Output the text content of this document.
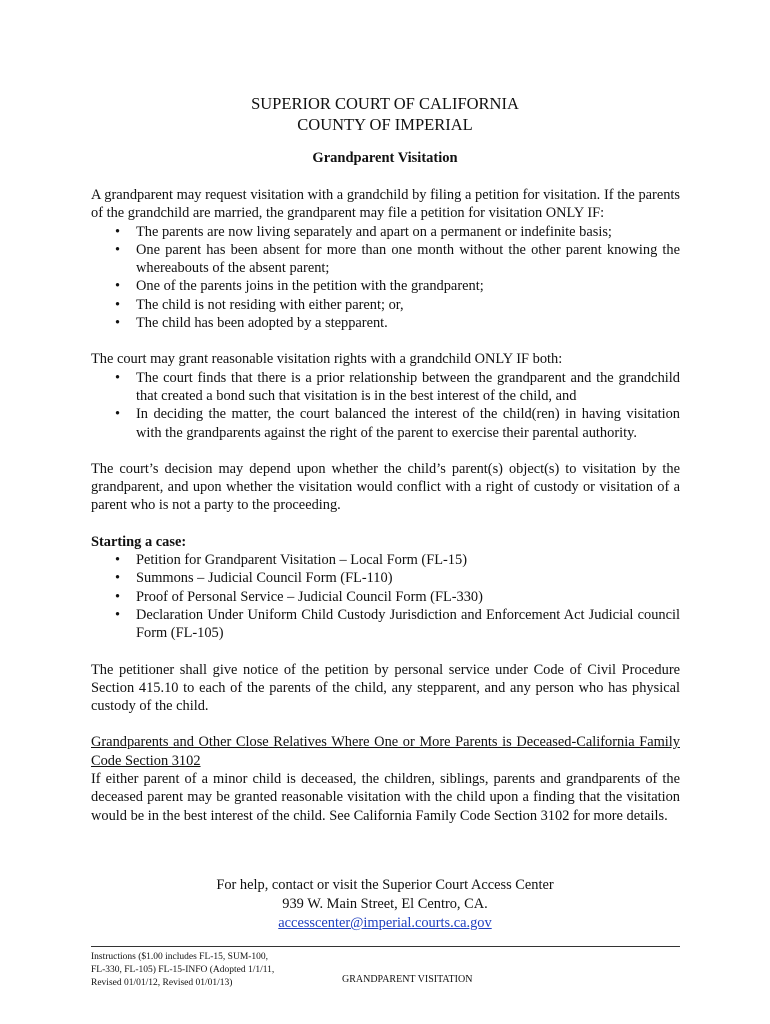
SUPERIOR COURT OF CALIFORNIA
COUNTY OF IMPERIAL
Grandparent Visitation

A grandparent may request visitation with a grandchild by filing a petition for visitation. If the parents of the grandchild are married, the grandparent may file a petition for visitation ONLY IF:

• The parents are now living separately and apart on a permanent or indefinite basis;
• One parent has been absent for more than one month without the other parent knowing the whereabouts of the absent parent;
• One of the parents joins in the petition with the grandparent;
• The child is not residing with either parent; or,
• The child has been adopted by a stepparent.

The court may grant reasonable visitation rights with a grandchild ONLY IF both:

• The court finds that there is a prior relationship between the grandparent and the grandchild that created a bond such that visitation is in the best interest of the child, and
• In deciding the matter, the court balanced the interest of the child(ren) in having visitation with the grandparents against the right of the parent to exercise their parental authority.

The court’s decision may depend upon whether the child’s parent(s) object(s) to visitation by the grandparent, and upon whether the visitation would conflict with a right of custody or visitation of a parent who is not a party to the proceeding.

Starting a case:

• Petition for Grandparent Visitation – Local Form (FL-15)
• Summons – Judicial Council Form (FL-110)
• Proof of Personal Service – Judicial Council Form (FL-330)
• Declaration Under Uniform Child Custody Jurisdiction and Enforcement Act Judicial council Form (FL-105)

The petitioner shall give notice of the petition by personal service under Code of Civil Procedure Section 415.10 to each of the parents of the child, any stepparent, and any person who has physical custody of the child.

Grandparents and Other Close Relatives Where One or More Parents is Deceased-California Family Code Section 3102

If either parent of a minor child is deceased, the children, siblings, parents and grandparents of the deceased parent may be granted reasonable visitation with the child upon a finding that the visitation would be in the best interest of the child. See California Family Code Section 3102 for more details.

For help, contact or visit the Superior Court Access Center
939 W. Main Street, El Centro, CA.
accesscenter@imperial.courts.ca.gov
Instructions ($1.00 includes FL-15, SUM-100,
FL-330, FL-105) FL-15-INFO (Adopted 1/1/11,
Revised 01/01/12, Revised 01/01/13)	GRANDPARENT VISITATION
